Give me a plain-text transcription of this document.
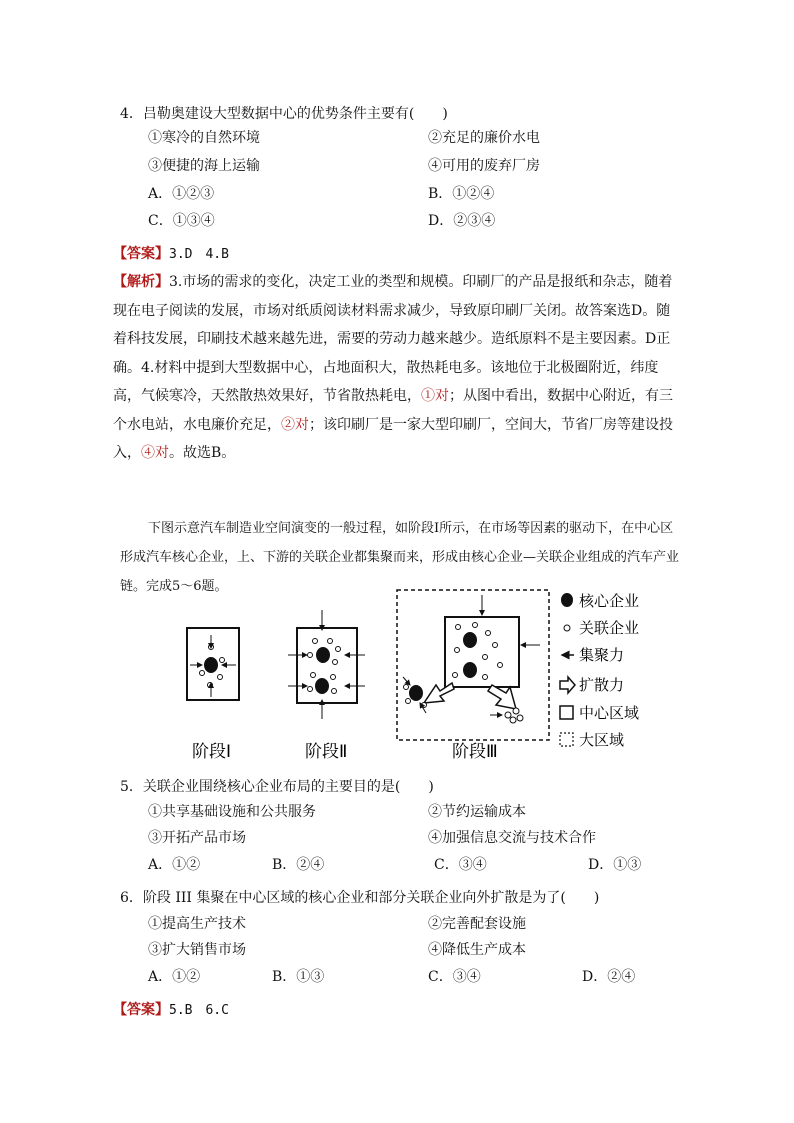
4．吕勒奥建设大型数据中心的优势条件主要有(　　)
①寒冷的自然环境	②充足的廉价水电
③便捷的海上运输	④可用的废弃厂房
A．①②③	B．①②④
C．①③④	D．②③④
【答案】3.D　4.B
【解析】3.市场的需求的变化，决定工业的类型和规模。印刷厂的产品是报纸和杂志，随着现在电子阅读的发展，市场对纸质阅读材料需求减少，导致原印刷厂关闭。故答案选D。随着科技发展，印刷技术越来越先进，需要的劳动力越来越少。造纸原料不是主要因素。D正确。4.材料中提到大型数据中心，占地面积大，散热耗电多。该地位于北极圈附近，纬度高，气候寒冷，天然散热效果好，节省散热耗电，①对；从图中看出，数据中心附近，有三个水电站，水电廉价充足，②对；该印刷厂是一家大型印刷厂，空间大，节省厂房等建设投入，④对。故选B。
下图示意汽车制造业空间演变的一般过程，如阶段Ⅰ所示，在市场等因素的驱动下，在中心区形成汽车核心企业，上、下游的关联企业都集聚而来，形成由核心企业—关联企业组成的汽车产业链。完成5～6题。
阶段Ⅰ	阶段Ⅱ	阶段Ⅲ
核心企业
关联企业
集聚力
扩散力
中心区域
大区域
5．关联企业围绕核心企业布局的主要目的是(　　)
①共享基础设施和公共服务	②节约运输成本
③开拓产品市场	④加强信息交流与技术合作
A．①②	B．②④	C．③④	D．①③
6．阶段 III 集聚在中心区域的核心企业和部分关联企业向外扩散是为了(　　)
①提高生产技术	②完善配套设施
③扩大销售市场	④降低生产成本
A．①②	B．①③	C．③④	D．②④
【答案】5.B　6.C
